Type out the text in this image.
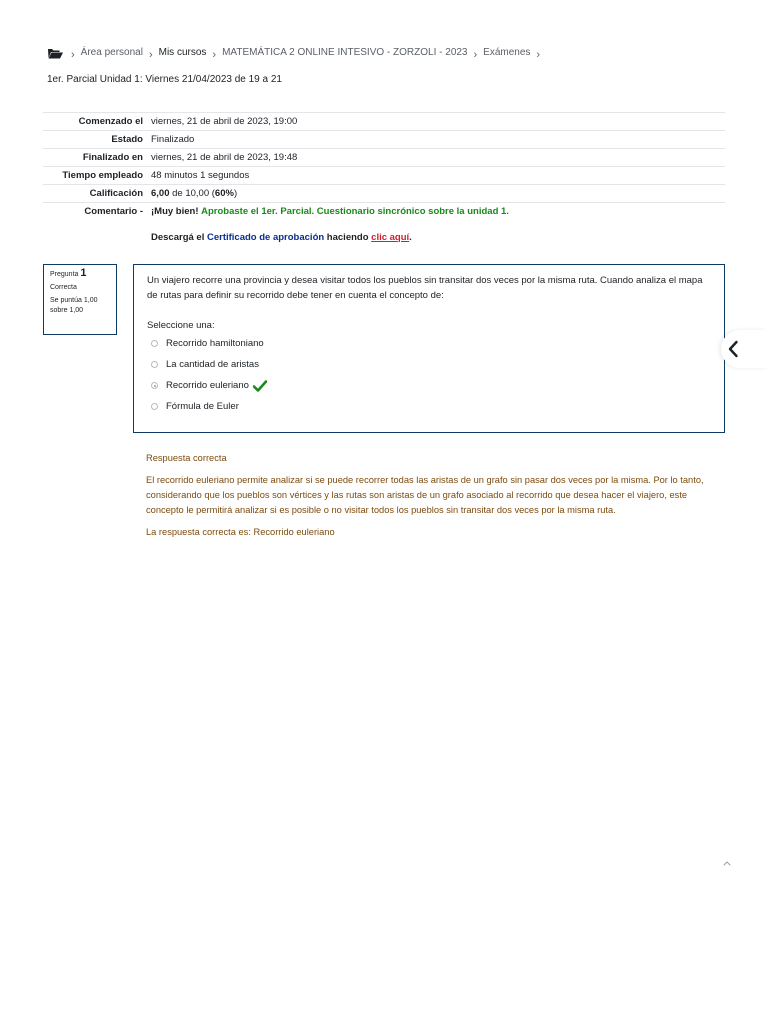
› Área personal › Mis cursos › MATEMÁTICA 2 ONLINE INTESIVO - ZORZOLI - 2023 › Exámenes ›
1er. Parcial Unidad 1: Viernes 21/04/2023 de 19 a 21
Comenzado el	viernes, 21 de abril de 2023, 19:00
Estado	Finalizado
Finalizado en	viernes, 21 de abril de 2023, 19:48
Tiempo empleado	48 minutos 1 segundos
Calificación	6,00 de 10,00 (60%)
Comentario -	¡Muy bien! Aprobaste el 1er. Parcial. Cuestionario sincrónico sobre la unidad 1.
Descargá el Certificado de aprobación haciendo clic aquí.
Pregunta 1
Correcta
Se puntúa 1,00
sobre 1,00
Un viajero recorre una provincia y desea visitar todos los pueblos sin transitar dos veces por la misma ruta. Cuando analiza el mapa de rutas para definir su recorrido debe tener en cuenta el concepto de:
Seleccione una:
Recorrido hamiltoniano
La cantidad de aristas
Recorrido euleriano
Fórmula de Euler

Respuesta correcta

El recorrido euleriano permite analizar si se puede recorrer todas las aristas de un grafo sin pasar dos veces por la misma. Por lo tanto, considerando que los pueblos son vértices y las rutas son aristas de un grafo asociado al recorrido que desea hacer el viajero, este concepto le permitirá analizar si es posible o no visitar todos los pueblos sin transitar dos veces por la misma ruta.

La respuesta correcta es: Recorrido euleriano
